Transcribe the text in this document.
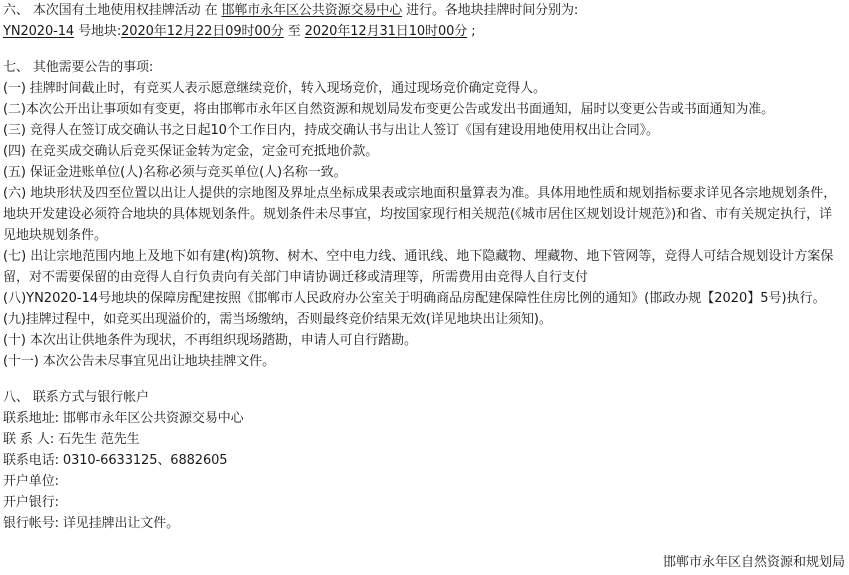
六、 本次国有土地使用权挂牌活动 在 邯郸市永年区公共资源交易中心 进行。各地块挂牌时间分别为:
YN2020-14 号地块:2020年12月22日09时00分 至 2020年12月31日10时00分 ;
七、 其他需要公告的事项:
(一) 挂牌时间截止时，有竞买人表示愿意继续竞价，转入现场竞价，通过现场竞价确定竞得人。
(二)本次公开出让事项如有变更，将由邯郸市永年区自然资源和规划局发布变更公告或发出书面通知，届时以变更公告或书面通知为准。
(三) 竞得人在签订成交确认书之日起10个工作日内，持成交确认书与出让人签订《国有建设用地使用权出让合同》。
(四) 在竞买成交确认后竞买保证金转为定金，定金可充抵地价款。
(五) 保证金进账单位(人)名称必须与竞买单位(人)名称一致。
(六) 地块形状及四至位置以出让人提供的宗地图及界址点坐标成果表或宗地面积量算表为准。具体用地性质和规划指标要求详见各宗地规划条件，地块开发建设必须符合地块的具体规划条件。规划条件未尽事宜，均按国家现行相关规范(《城市居住区规划设计规范》)和省、市有关规定执行，详见地块规划条件。
(七) 出让宗地范围内地上及地下如有建(构)筑物、树木、空中电力线、通讯线、地下隐藏物、埋藏物、地下管网等，竞得人可结合规划设计方案保留，对不需要保留的由竞得人自行负责向有关部门申请协调迁移或清理等，所需费用由竞得人自行支付
(八)YN2020-14号地块的保障房配建按照《邯郸市人民政府办公室关于明确商品房配建保障性住房比例的通知》(邯政办规【2020】5号)执行。
(九)挂牌过程中，如竞买出现溢价的，需当场缴纳，否则最终竞价结果无效(详见地块出让须知)。
(十) 本次出让供地条件为现状，不再组织现场踏勘，申请人可自行踏勘。
(十一) 本次公告未尽事宜见出让地块挂牌文件。
八、 联系方式与银行帐户
联系地址: 邯郸市永年区公共资源交易中心
联 系 人: 石先生 范先生
联系电话: 0310-6633125、6882605
开户单位:
开户银行:
银行帐号: 详见挂牌出让文件。
邯郸市永年区自然资源和规划局
